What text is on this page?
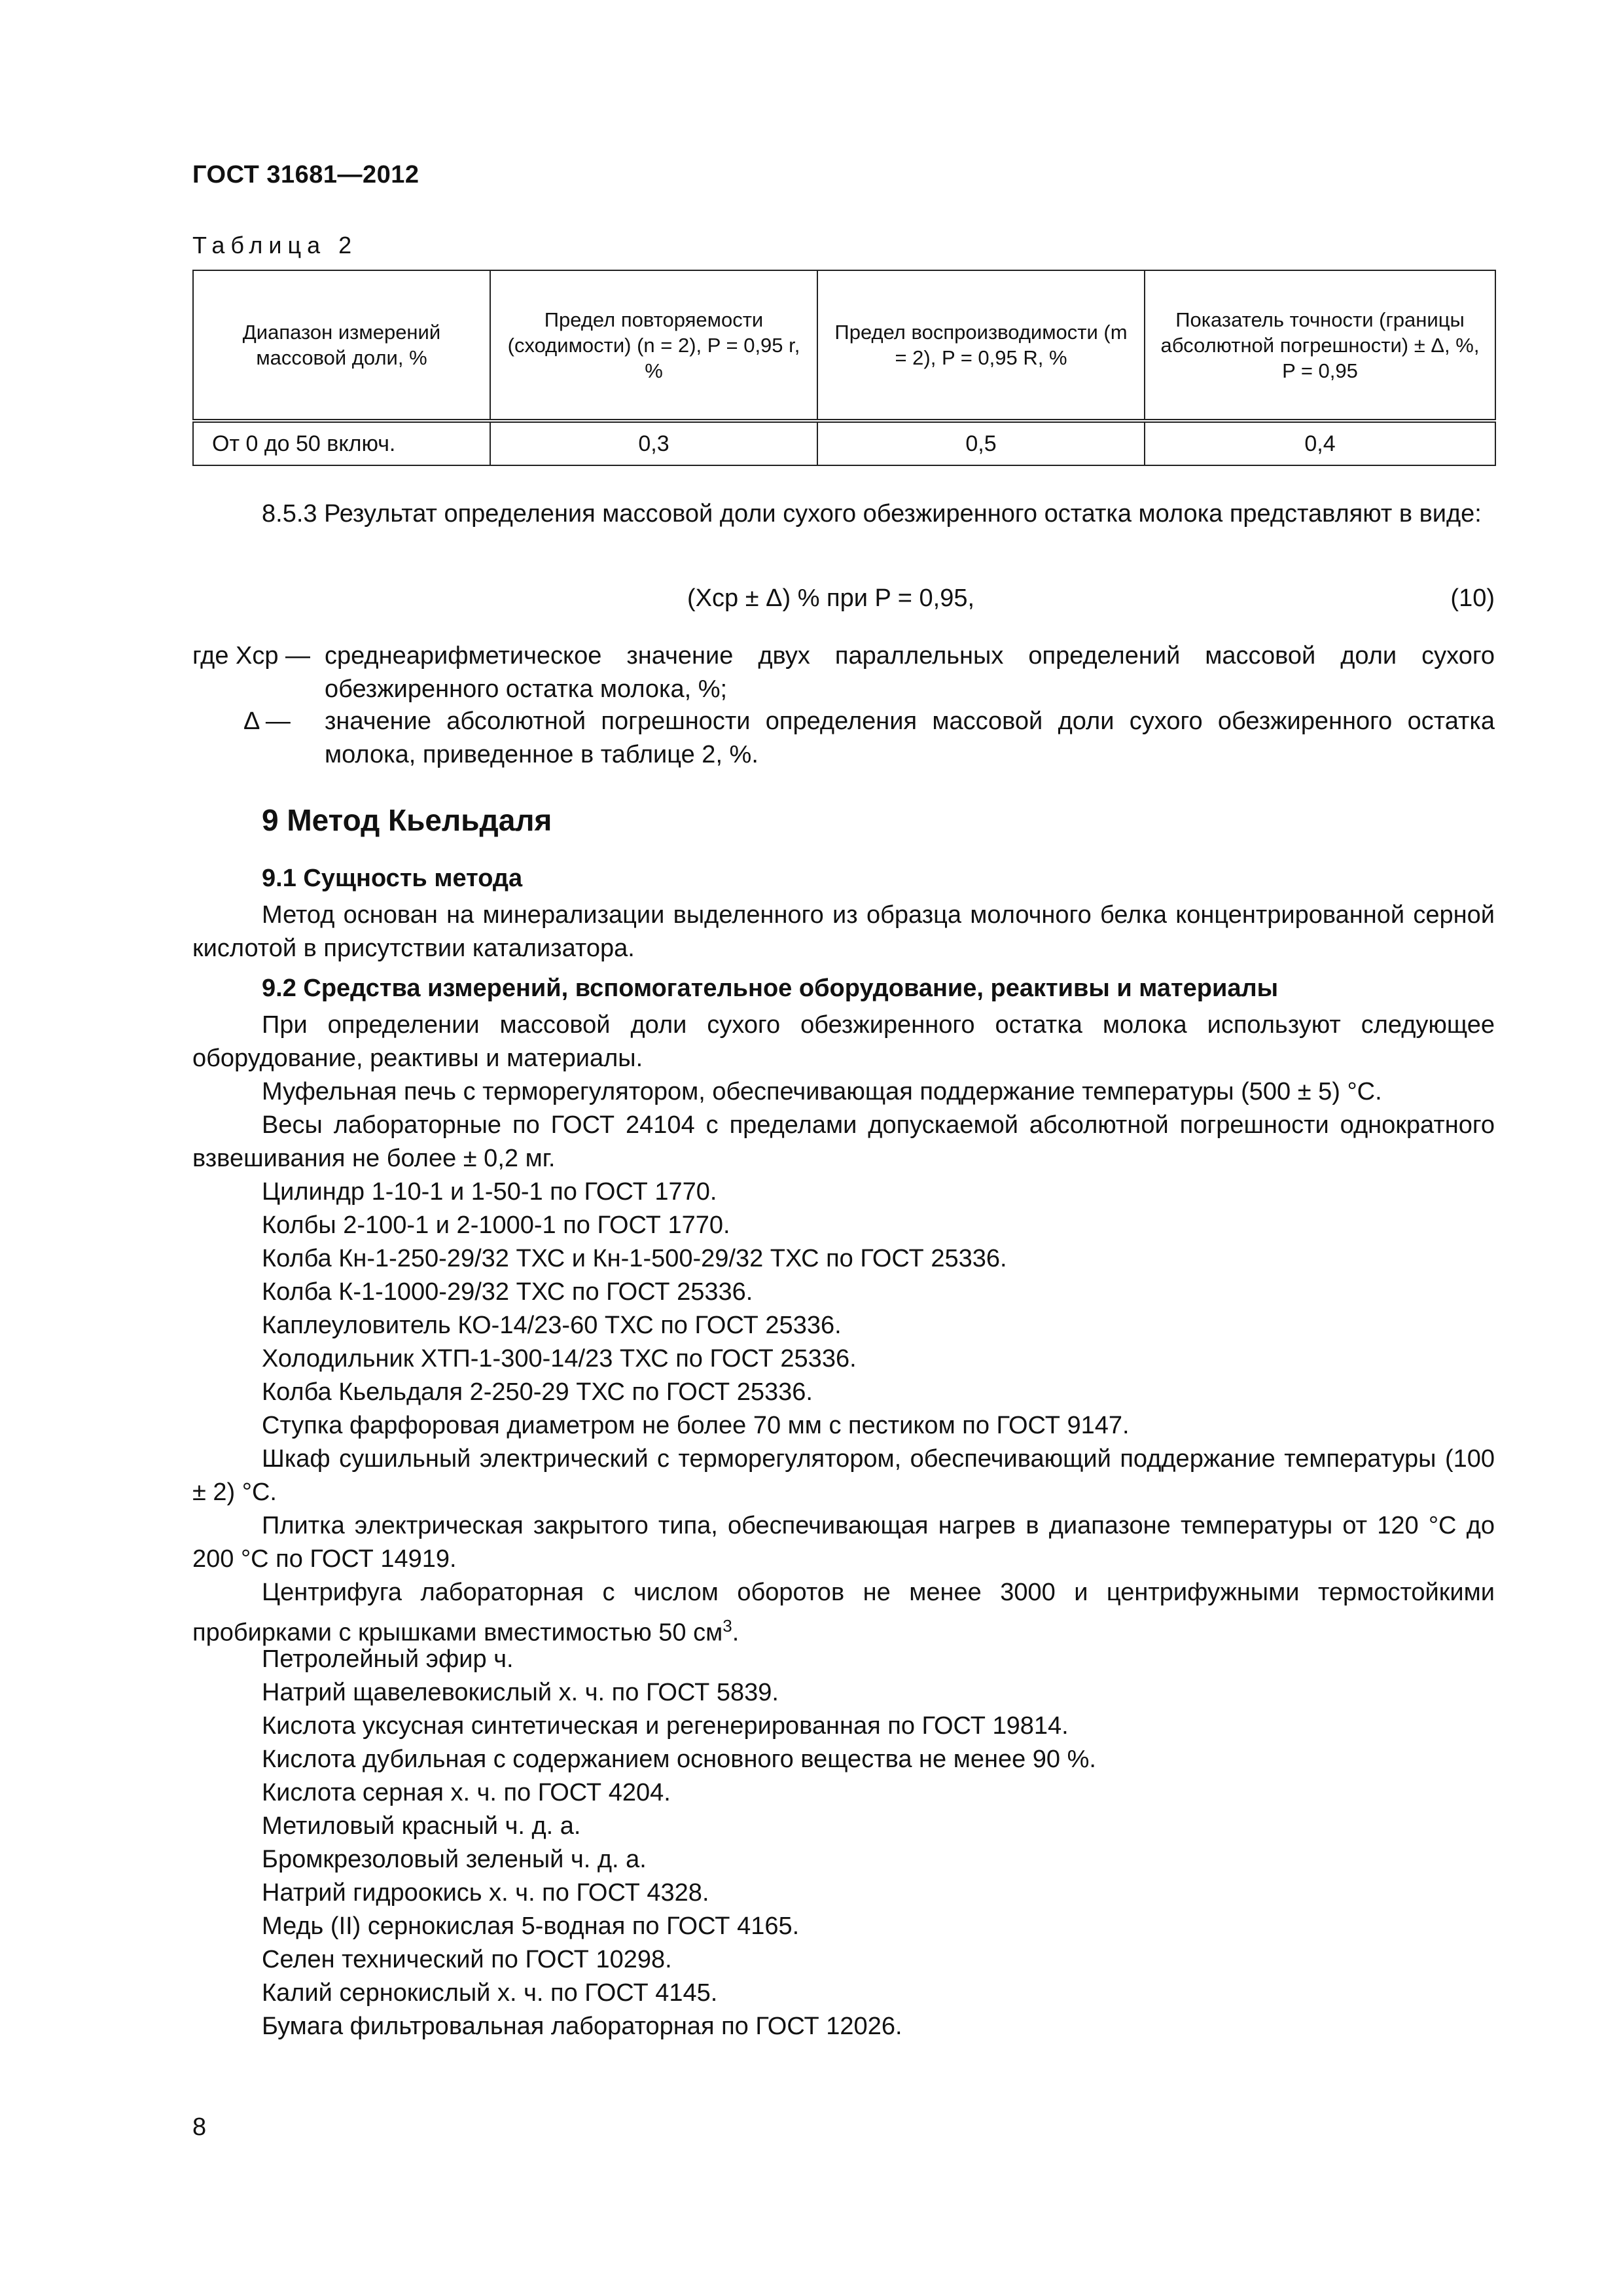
ГОСТ 31681—2012
Таблица 2
Диапазон измерений массовой доли, %	Предел повторяемости (сходимости) (n = 2), P = 0,95 r, %	Предел воспроизводимости (m = 2), P = 0,95 R, %	Показатель точности (границы абсолютной погрешности) ± Δ, %, P = 0,95
От 0 до 50 включ.	0,3	0,5	0,4
8.5.3 Результат определения массовой доли сухого обезжиренного остатка молока представляют в виде:
(Xср ± Δ) % при P = 0,95,	(10)
где Xср — среднеарифметическое значение двух параллельных определений массовой доли сухого обезжиренного остатка молока, %;
Δ —	значение абсолютной погрешности определения массовой доли сухого обезжиренного остатка молока, приведенное в таблице 2, %.
9 Метод Кьельдаля
9.1 Сущность метода
Метод основан на минерализации выделенного из образца молочного белка концентрированной серной кислотой в присутствии катализатора.
9.2 Средства измерений, вспомогательное оборудование, реактивы и материалы
При определении массовой доли сухого обезжиренного остатка молока используют следующее оборудование, реактивы и материалы.
Муфельная печь с терморегулятором, обеспечивающая поддержание температуры (500 ± 5) °С.
Весы лабораторные по ГОСТ 24104 с пределами допускаемой абсолютной погрешности однократного взвешивания не более ± 0,2 мг.
Цилиндр 1-10-1 и 1-50-1 по ГОСТ 1770.
Колбы 2-100-1 и 2-1000-1 по ГОСТ 1770.
Колба Кн-1-250-29/32 ТХС и Кн-1-500-29/32 ТХС по ГОСТ 25336.
Колба К-1-1000-29/32 ТХС по ГОСТ 25336.
Каплеуловитель КО-14/23-60 ТХС по ГОСТ 25336.
Холодильник ХТП-1-300-14/23 ТХС по ГОСТ 25336.
Колба Кьельдаля 2-250-29 ТХС по ГОСТ 25336.
Ступка фарфоровая диаметром не более 70 мм с пестиком по ГОСТ 9147.
Шкаф сушильный электрический с терморегулятором, обеспечивающий поддержание температуры (100 ± 2) °С.
Плитка электрическая закрытого типа, обеспечивающая нагрев в диапазоне температуры от 120 °С до 200 °С по ГОСТ 14919.
Центрифуга лабораторная с числом оборотов не менее 3000 и центрифужными термостойкими пробирками с крышками вместимостью 50 $см^3$.
Петролейный эфир ч.
Натрий щавелевокислый х. ч. по ГОСТ 5839.
Кислота уксусная синтетическая и регенерированная по ГОСТ 19814.
Кислота дубильная с содержанием основного вещества не менее 90 %.
Кислота серная х. ч. по ГОСТ 4204.
Метиловый красный ч. д. а.
Бромкрезоловый зеленый ч. д. а.
Натрий гидроокись х. ч. по ГОСТ 4328.
Медь (II) сернокислая 5-водная по ГОСТ 4165.
Селен технический по ГОСТ 10298.
Калий сернокислый х. ч. по ГОСТ 4145.
Бумага фильтровальная лабораторная по ГОСТ 12026.
8
